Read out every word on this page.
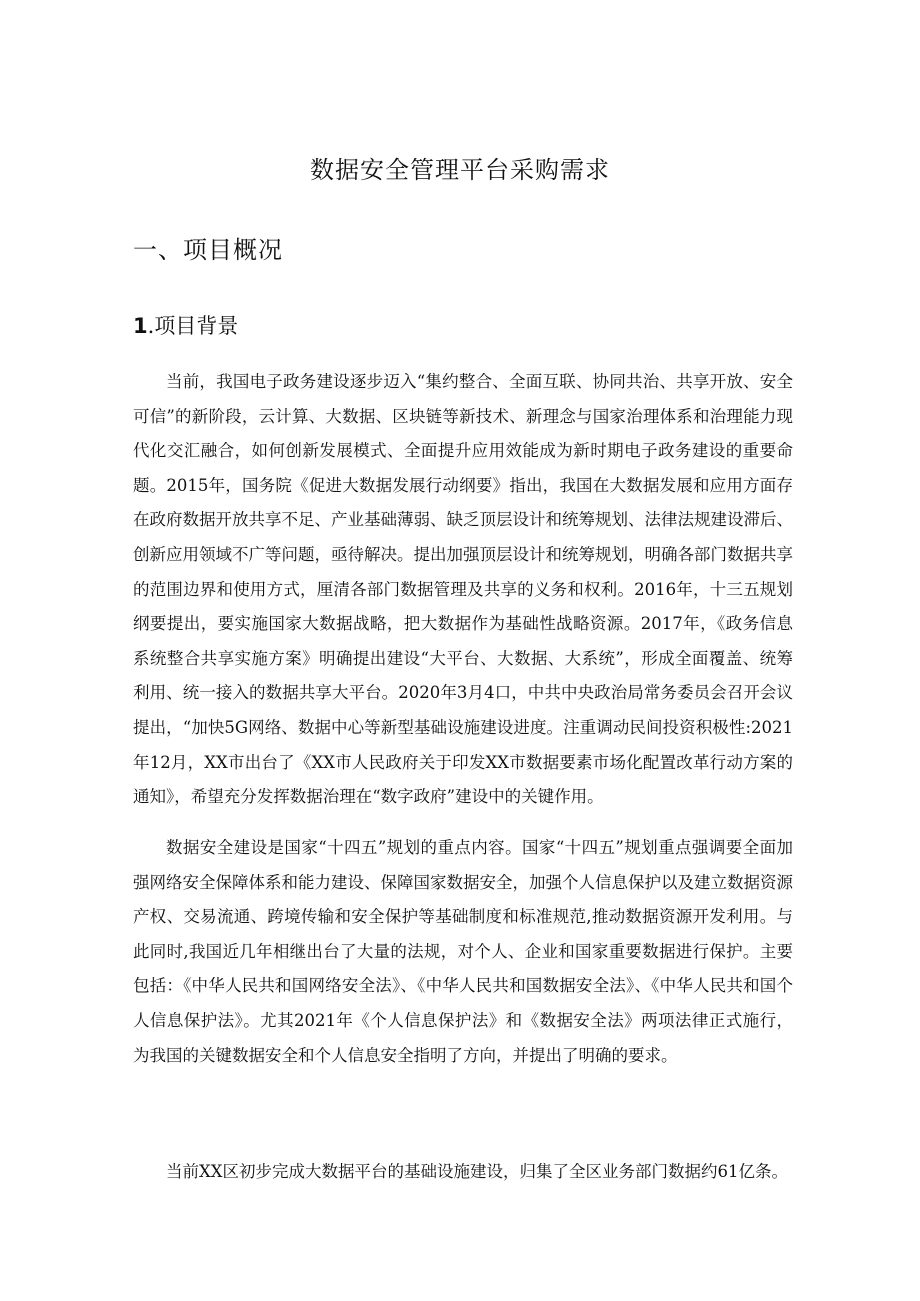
数据安全管理平台采购需求
一、项目概况
1.项目背景

当前，我国电子政务建设逐步迈入“集约整合、全面互联、协同共治、共享开放、安全可信”的新阶段，云计算、大数据、区块链等新技术、新理念与国家治理体系和治理能力现代化交汇融合，如何创新发展模式、全面提升应用效能成为新时期电子政务建设的重要命题。2015年，国务院《促进大数据发展行动纲要》指出，我国在大数据发展和应用方面存在政府数据开放共享不足、产业基础薄弱、缺乏顶层设计和统筹规划、法律法规建设滞后、创新应用领域不广等问题，亟待解决。提出加强顶层设计和统筹规划，明确各部门数据共享的范围边界和使用方式，厘清各部门数据管理及共享的义务和权利。2016年，十三五规划纲要提出，要实施国家大数据战略，把大数据作为基础性战略资源。2017年，《政务信息系统整合共享实施方案》明确提出建设“大平台、大数据、大系统”，形成全面覆盖、统筹利用、统一接入的数据共享大平台。2020年3月4口，中共中央政治局常务委员会召开会议提出，“加快5G网络、数据中心等新型基础设施建设进度。注重调动民间投资积极性:2021年12月，XX市出台了《XX市人民政府关于印发XX市数据要素市场化配置改革行动方案的通知》，希望充分发挥数据治理在“数字政府”建设中的关键作用。

数据安全建设是国家“十四五”规划的重点内容。国家“十四五”规划重点强调要全面加强网络安全保障体系和能力建设、保障国家数据安全，加强个人信息保护以及建立数据资源产权、交易流通、跨境传输和安全保护等基础制度和标准规范,推动数据资源开发利用。与此同时,我国近几年相继出台了大量的法规，对个人、企业和国家重要数据进行保护。主要包括：《中华人民共和国网络安全法》、《中华人民共和国数据安全法》、《中华人民共和国个人信息保护法》。尤其2021年《个人信息保护法》和《数据安全法》两项法律正式施行，为我国的关键数据安全和个人信息安全指明了方向，并提出了明确的要求。

当前XX区初步完成大数据平台的基础设施建设，归集了全区业务部门数据约61亿条。
